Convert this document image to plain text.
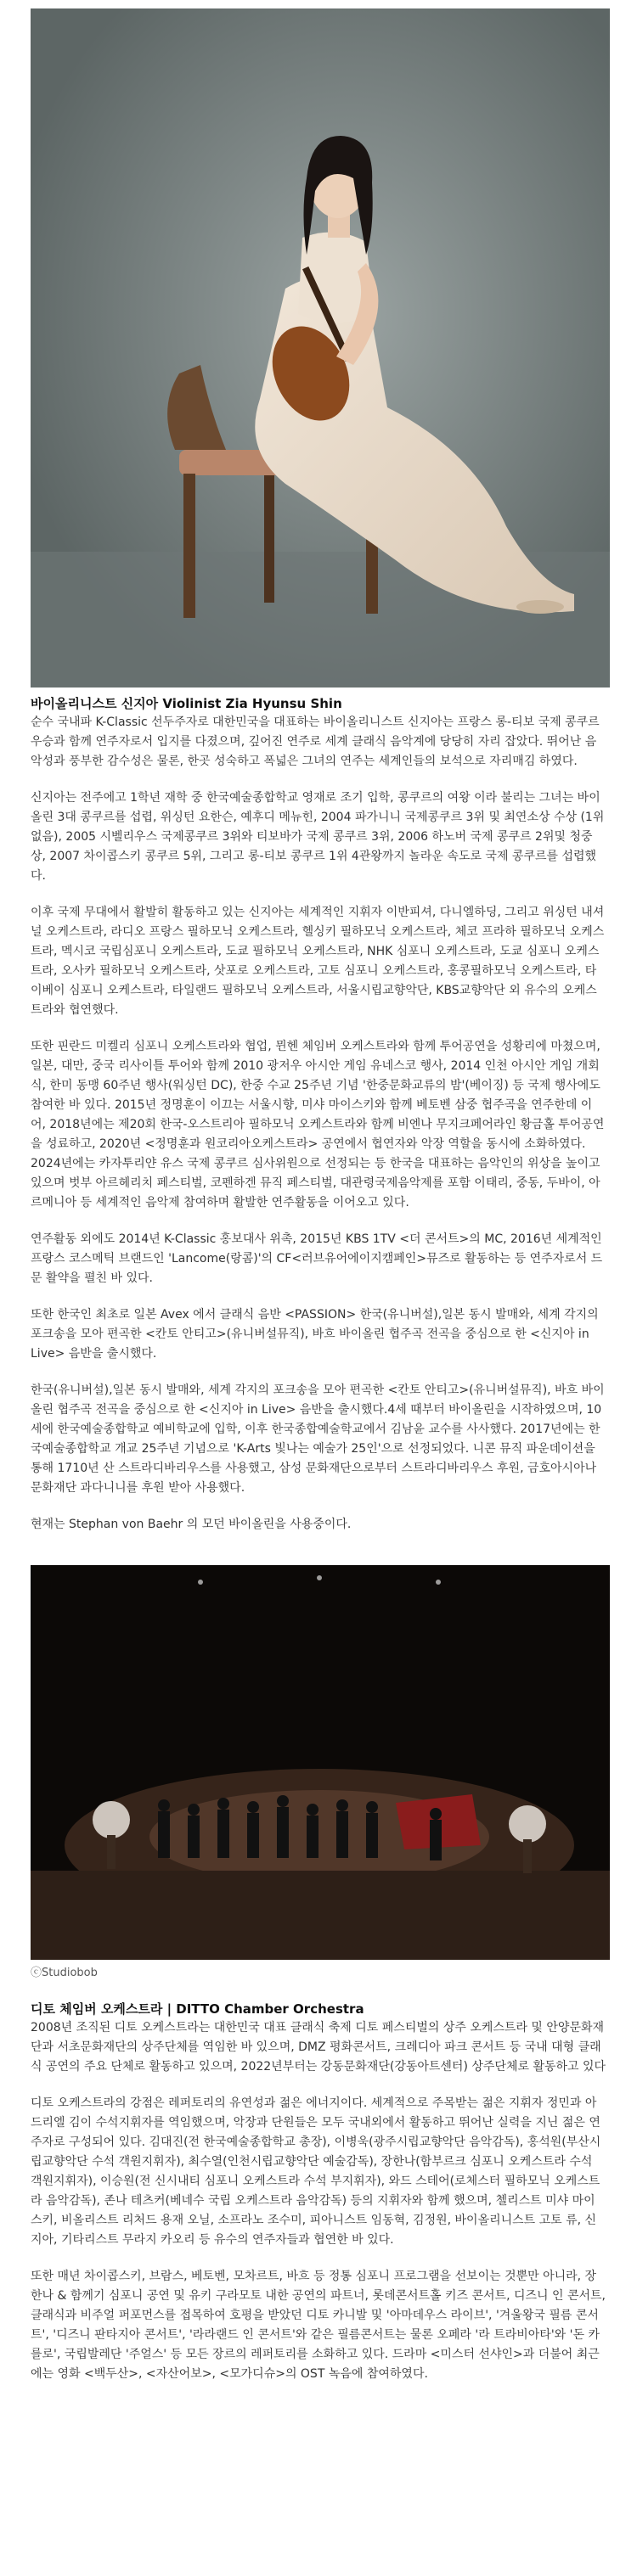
바이올리니스트 신지아 Violinist Zia Hyunsu Shin

순수 국내파 K-Classic 선두주자로 대한민국을 대표하는 바이올리니스트 신지아는 프랑스 롱-티보 국제 콩쿠르 우승과 함께 연주자로서 입지를 다졌으며, 깊어진 연주로 세계 클래식 음악계에 당당히 자리 잡았다. 뛰어난 음악성과 풍부한 감수성은 물론, 한곳 성숙하고 폭넓은 그녀의 연주는 세계인들의 보석으로 자리매김 하였다.

신지아는 전주에고 1학년 재학 중 한국예술종합학교 영재로 조기 입학, 콩쿠르의 여왕 이라 불리는 그녀는 바이올린 3대 콩쿠르를 섭렵, 위싱턴 요한슨, 예후디 메뉴힌, 2004 파가니니 국제콩쿠르 3위 및 최연소상 수상 (1위없음), 2005 시벨리우스 국제콩쿠르 3위와 티보바가 국제 콩쿠르 3위, 2006 하노버 국제 콩쿠르 2위및 청중상, 2007 차이콥스키 콩쿠르 5위, 그리고 롱-티보 콩쿠르 1위 4관왕까지 놀라운 속도로 국제 콩쿠르를 섭렵했다.

이후 국제 무대에서 활발히 활동하고 있는 신지아는 세계적인 지휘자 이반피셔, 다니엘하딩, 그리고 위싱턴 내셔널 오케스트라, 라디오 프랑스 필하모닉 오케스트라, 헬싱키 필하모닉 오케스트라, 체코 프라하 필하모닉 오케스트라, 멕시코 국립심포니 오케스트라, 도쿄 필하모닉 오케스트라, NHK 심포니 오케스트라, 도쿄 심포니 오케스트라, 오사카 필하모닉 오케스트라, 삿포로 오케스트라, 고토 심포니 오케스트라, 홍콩필하모닉 오케스트라, 타이베이 심포니 오케스트라, 타일랜드 필하모닉 오케스트라, 서울시립교향악단, KBS교향악단 외 유수의 오케스트라와 협연했다.

또한 핀란드 미켈리 심포니 오케스트라와 협업, 뮌헨 체임버 오케스트라와 함께 투어공연을 성황리에 마쳤으며, 일본, 대만, 중국 리사이틀 투어와 함께 2010 광저우 아시안 게임 유네스코 행사, 2014 인천 아시안 게임 개회식, 한미 동맹 60주년 행사(워싱턴 DC), 한중 수교 25주년 기념 '한중문화교류의 밤'(베이징) 등 국제 행사에도 참여한 바 있다. 2015년 정명훈이 이끄는 서울시향, 미샤 마이스키와 함께 베토벤 삼중 협주곡을 연주한데 이어, 2018년에는 제20회 한국-오스트리아 필하모닉 오케스트라와 함께 비엔나 무지크페어라인 황금홀 투어공연을 성료하고, 2020년 <정명훈과 원코리아오케스트라> 공연에서 협연자와 악장 역할을 동시에 소화하였다. 2024년에는 카자투리얀 유스 국제 콩쿠르 심사위원으로 선정되는 등 한국을 대표하는 음악인의 위상을 높이고 있으며 벗부 아르헤리치 페스티벌, 코펜하겐 뮤직 페스티벌, 대관령국제음악제를 포함 이태리, 중동, 두바이, 아르메니아 등 세계적인 음악제 참여하며 활발한 연주활동을 이어오고 있다.

연주활동 외에도 2014년 K-Classic 홍보대사 위촉, 2015년 KBS 1TV <더 콘서트>의 MC, 2016년 세계적인 프랑스 코스메틱 브랜드인 'Lancome(랑콤)'의 CF<러브유어에이지캠페인>뮤즈로 활동하는 등 연주자로서 드문 활약을 펼친 바 있다.

또한 한국인 최초로 일본 Avex 에서 클래식 음반 <PASSION> 한국(유니버설),일본 동시 발매와, 세계 각지의 포크송을 모아 편곡한 <칸토 안티고>(유니버설뮤직), 바흐 바이올린 협주곡 전곡을 중심으로 한 <신지아 in Live> 음반을 출시했다.

한국(유니버설),일본 동시 발매와, 세계 각지의 포크송을 모아 편곡한 <칸토 안티고>(유니버설뮤직), 바흐 바이올린 협주곡 전곡을 중심으로 한 <신지아 in Live> 음반을 출시했다.4세 때부터 바이올린을 시작하였으며, 10세에 한국예술종합학교 예비학교에 입학, 이후 한국종합예술학교에서 김남윤 교수를 사사했다. 2017년에는 한국예술종합학교 개교 25주년 기념으로 'K-Arts 빛나는 예술가 25인'으로 선정되었다. 니콘 뮤직 파운데이션을 통해 1710년 산 스트라디바리우스를 사용했고, 삼성 문화재단으로부터 스트라디바리우스 후원, 금호아시아나 문화재단 과다니니를 후원 받아 사용했다.

현재는 Stephan von Baehr 의 모던 바이올린을 사용중이다.

ⓒStudiobob
디토 체임버 오케스트라 | DITTO Chamber Orchestra

2008년 조직된 디토 오케스트라는 대한민국 대표 클래식 축제 디토 페스티벌의 상주 오케스트라 및 안양문화재단과 서초문화재단의 상주단체를 역임한 바 있으며, DMZ 평화콘서트, 크레디아 파크 콘서트 등 국내 대형 클래식 공연의 주요 단체로 활동하고 있으며, 2022년부터는 강동문화재단(강동아트센터) 상주단체로 활동하고 있다

디토 오케스트라의 강점은 레퍼토리의 유연성과 젊은 에너지이다. 세계적으로 주목받는 젊은 지휘자 정민과 아드리엘 김이 수석지휘자를 역임했으며, 악장과 단원들은 모두 국내외에서 활동하고 뛰어난 실력을 지닌 젊은 연주자로 구성되어 있다. 김대진(전 한국예술종합학교 총장), 이병욱(광주시립교향악단 음악감독), 홍석원(부산시립교향악단 수석 객원지휘자), 최수열(인천시립교향악단 예술감독), 장한나(함부르크 심포니 오케스트라 수석 객원지휘자), 이승원(전 신시내티 심포니 오케스트라 수석 부지휘자), 와드 스테어(로체스터 필하모닉 오케스트라 음악감독), 존나 테츠커(베네수 국립 오케스트라 음악감독) 등의 지휘자와 함께 했으며, 첼리스트 미샤 마이스키, 비올리스트 리처드 용재 오닐, 소프라노 조수미, 피아니스트 임동혁, 김정원, 바이올리니스트 고토 류, 신지아, 기타리스트 무라지 카오리 등 유수의 연주자들과 협연한 바 있다.

또한 매년 차이콥스키, 브람스, 베토벤, 모차르트, 바흐 등 정통 심포니 프로그램을 선보이는 것뿐만 아니라, 장한나 & 함께기 심포니 공연 및 유키 구라모토 내한 공연의 파트너, 롯데콘서트홀 키즈 콘서트, 디즈니 인 콘서트, 클래식과 비주얼 퍼포먼스를 접목하여 호평을 받았던 디토 카니발 및 '아마데우스 라이브', '겨울왕국 필름 콘서트', '디즈니 판타지아 콘서트', '라라랜드 인 콘서트'와 같은 필름콘서트는 물론 오페라 '라 트라비아타'와 '돈 카를로', 국립발레단 '주얼스' 등 모든 장르의 레퍼토리를 소화하고 있다. 드라마 <미스터 선샤인>과 더불어 최근에는 영화 <백두산>, <자산어보>, <모가디슈>의 OST 녹음에 참여하였다.
